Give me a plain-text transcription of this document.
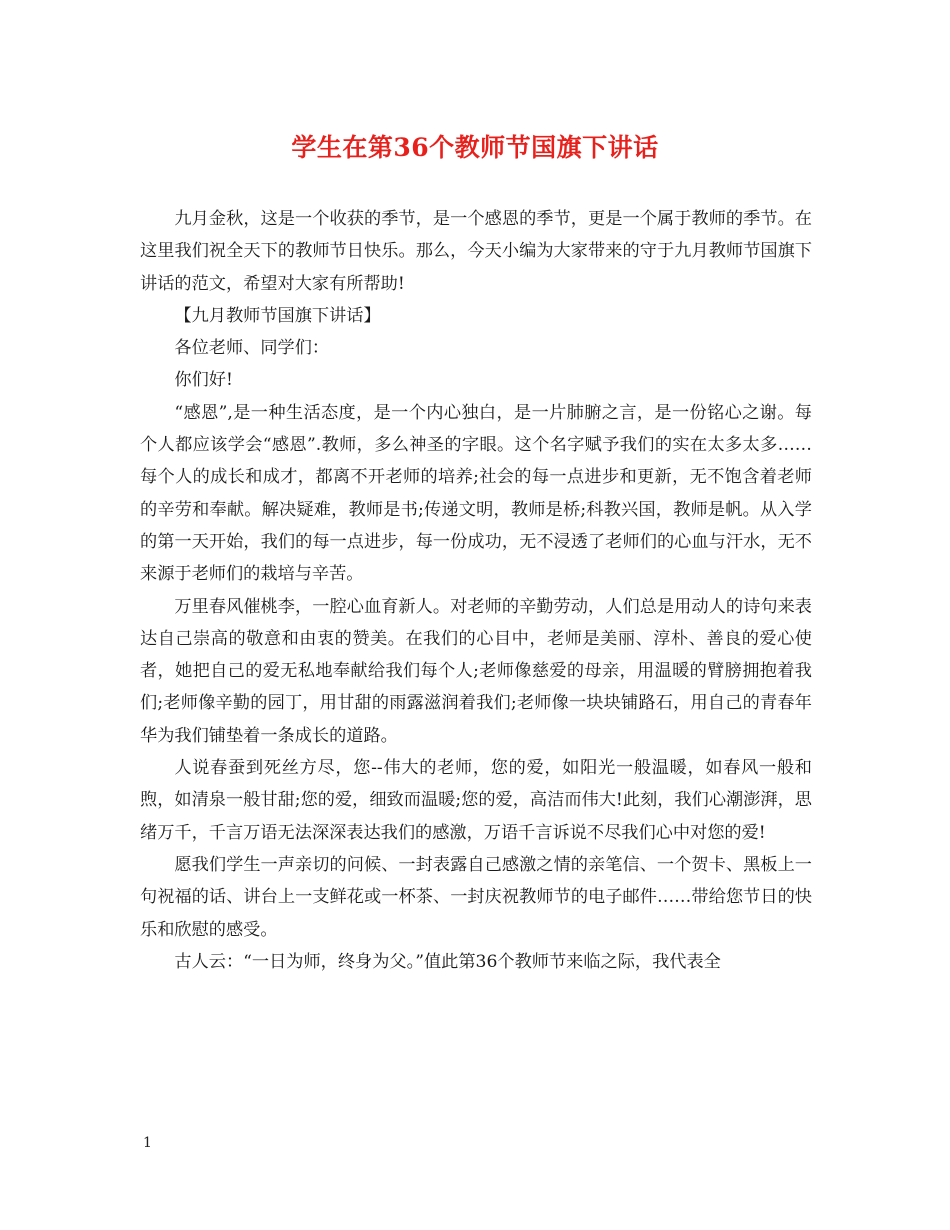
学生在第36个教师节国旗下讲话

九月金秋，这是一个收获的季节，是一个感恩的季节，更是一个属于教师的季节。在这里我们祝全天下的教师节日快乐。那么，今天小编为大家带来的守于九月教师节国旗下讲话的范文，希望对大家有所帮助!

【九月教师节国旗下讲话】

各位老师、同学们：

你们好!

“感恩”,是一种生活态度，是一个内心独白，是一片肺腑之言，是一份铭心之谢。每个人都应该学会“感恩”.教师，多么神圣的字眼。这个名字赋予我们的实在太多太多……每个人的成长和成才，都离不开老师的培养;社会的每一点进步和更新，无不饱含着老师的辛劳和奉献。解决疑难，教师是书;传递文明，教师是桥;科教兴国，教师是帆。从入学的第一天开始，我们的每一点进步，每一份成功，无不浸透了老师们的心血与汗水，无不来源于老师们的栽培与辛苦。

万里春风催桃李，一腔心血育新人。对老师的辛勤劳动，人们总是用动人的诗句来表达自己崇高的敬意和由衷的赞美。在我们的心目中，老师是美丽、淳朴、善良的爱心使者，她把自己的爱无私地奉献给我们每个人;老师像慈爱的母亲，用温暖的臂膀拥抱着我们;老师像辛勤的园丁，用甘甜的雨露滋润着我们;老师像一块块铺路石，用自己的青春年华为我们铺垫着一条成长的道路。

人说春蚕到死丝方尽，您--伟大的老师，您的爱，如阳光一般温暖，如春风一般和煦，如清泉一般甘甜;您的爱，细致而温暖;您的爱，高洁而伟大!此刻，我们心潮澎湃，思绪万千，千言万语无法深深表达我们的感激，万语千言诉说不尽我们心中对您的爱!

愿我们学生一声亲切的问候、一封表露自己感激之情的亲笔信、一个贺卡、黑板上一句祝福的话、讲台上一支鲜花或一杯茶、一封庆祝教师节的电子邮件……带给您节日的快乐和欣慰的感受。

古人云：“一日为师，终身为父。”值此第36个教师节来临之际，我代表全

1
